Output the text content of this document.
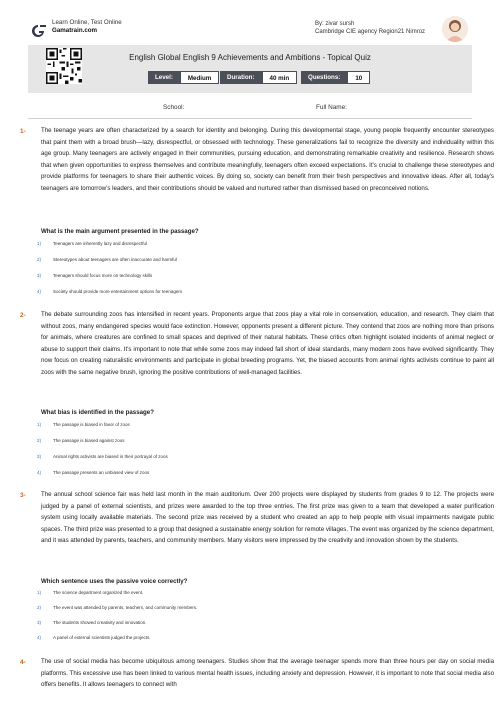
Learn Online, Test Online
Gamatrain.com
By: zivar sursh
Cambridge CIE agency Region21 Nimroz
English Global English 9 Achievements and Ambitions - Topical Quiz
Level:	Medium	Duration:	40 min	Questions:	10
School:	Full Name:
1- The teenage years are often characterized by a search for identity and belonging. During this developmental stage, young people frequently encounter stereotypes that paint them with a broad brush—lazy, disrespectful, or obsessed with technology. These generalizations fail to recognize the diversity and individuality within this age group. Many teenagers are actively engaged in their communities, pursuing education, and demonstrating remarkable creativity and resilience. Research shows that when given opportunities to express themselves and contribute meaningfully, teenagers often exceed expectations. It's crucial to challenge these stereotypes and provide platforms for teenagers to share their authentic voices. By doing so, society can benefit from their fresh perspectives and innovative ideas. After all, today's teenagers are tomorrow's leaders, and their contributions should be valued and nurtured rather than dismissed based on preconceived notions.
What is the main argument presented in the passage?
1)	Teenagers are inherently lazy and disrespectful
2)	Stereotypes about teenagers are often inaccurate and harmful
3)	Teenagers should focus more on technology skills
4)	Society should provide more entertainment options for teenagers
2- The debate surrounding zoos has intensified in recent years. Proponents argue that zoos play a vital role in conservation, education, and research. They claim that without zoos, many endangered species would face extinction. However, opponents present a different picture. They contend that zoos are nothing more than prisons for animals, where creatures are confined to small spaces and deprived of their natural habitats. These critics often highlight isolated incidents of animal neglect or abuse to support their claims. It's important to note that while some zoos may indeed fall short of ideal standards, many modern zoos have evolved significantly. They now focus on creating naturalistic environments and participate in global breeding programs. Yet, the biased accounts from animal rights activists continue to paint all zoos with the same negative brush, ignoring the positive contributions of well-managed facilities.
What bias is identified in the passage?
1)	The passage is biased in favor of zoos
2)	The passage is biased against zoos
3)	Animal rights activists are biased in their portrayal of zoos
4)	The passage presents an unbiased view of zoos
3- The annual school science fair was held last month in the main auditorium. Over 200 projects were displayed by students from grades 9 to 12. The projects were judged by a panel of external scientists, and prizes were awarded to the top three entries. The first prize was given to a team that developed a water purification system using locally available materials. The second prize was received by a student who created an app to help people with visual impairments navigate public spaces. The third prize was presented to a group that designed a sustainable energy solution for remote villages. The event was organized by the science department, and it was attended by parents, teachers, and community members. Many visitors were impressed by the creativity and innovation shown by the students.
Which sentence uses the passive voice correctly?
1)	The science department organized the event.
2)	The event was attended by parents, teachers, and community members.
3)	The students showed creativity and innovation.
4)	A panel of external scientists judged the projects.
4- The use of social media has become ubiquitous among teenagers. Studies show that the average teenager spends more than three hours per day on social media platforms. This excessive use has been linked to various mental health issues, including anxiety and depression. However, it is important to note that social media also offers benefits. It allows teenagers to connect with
